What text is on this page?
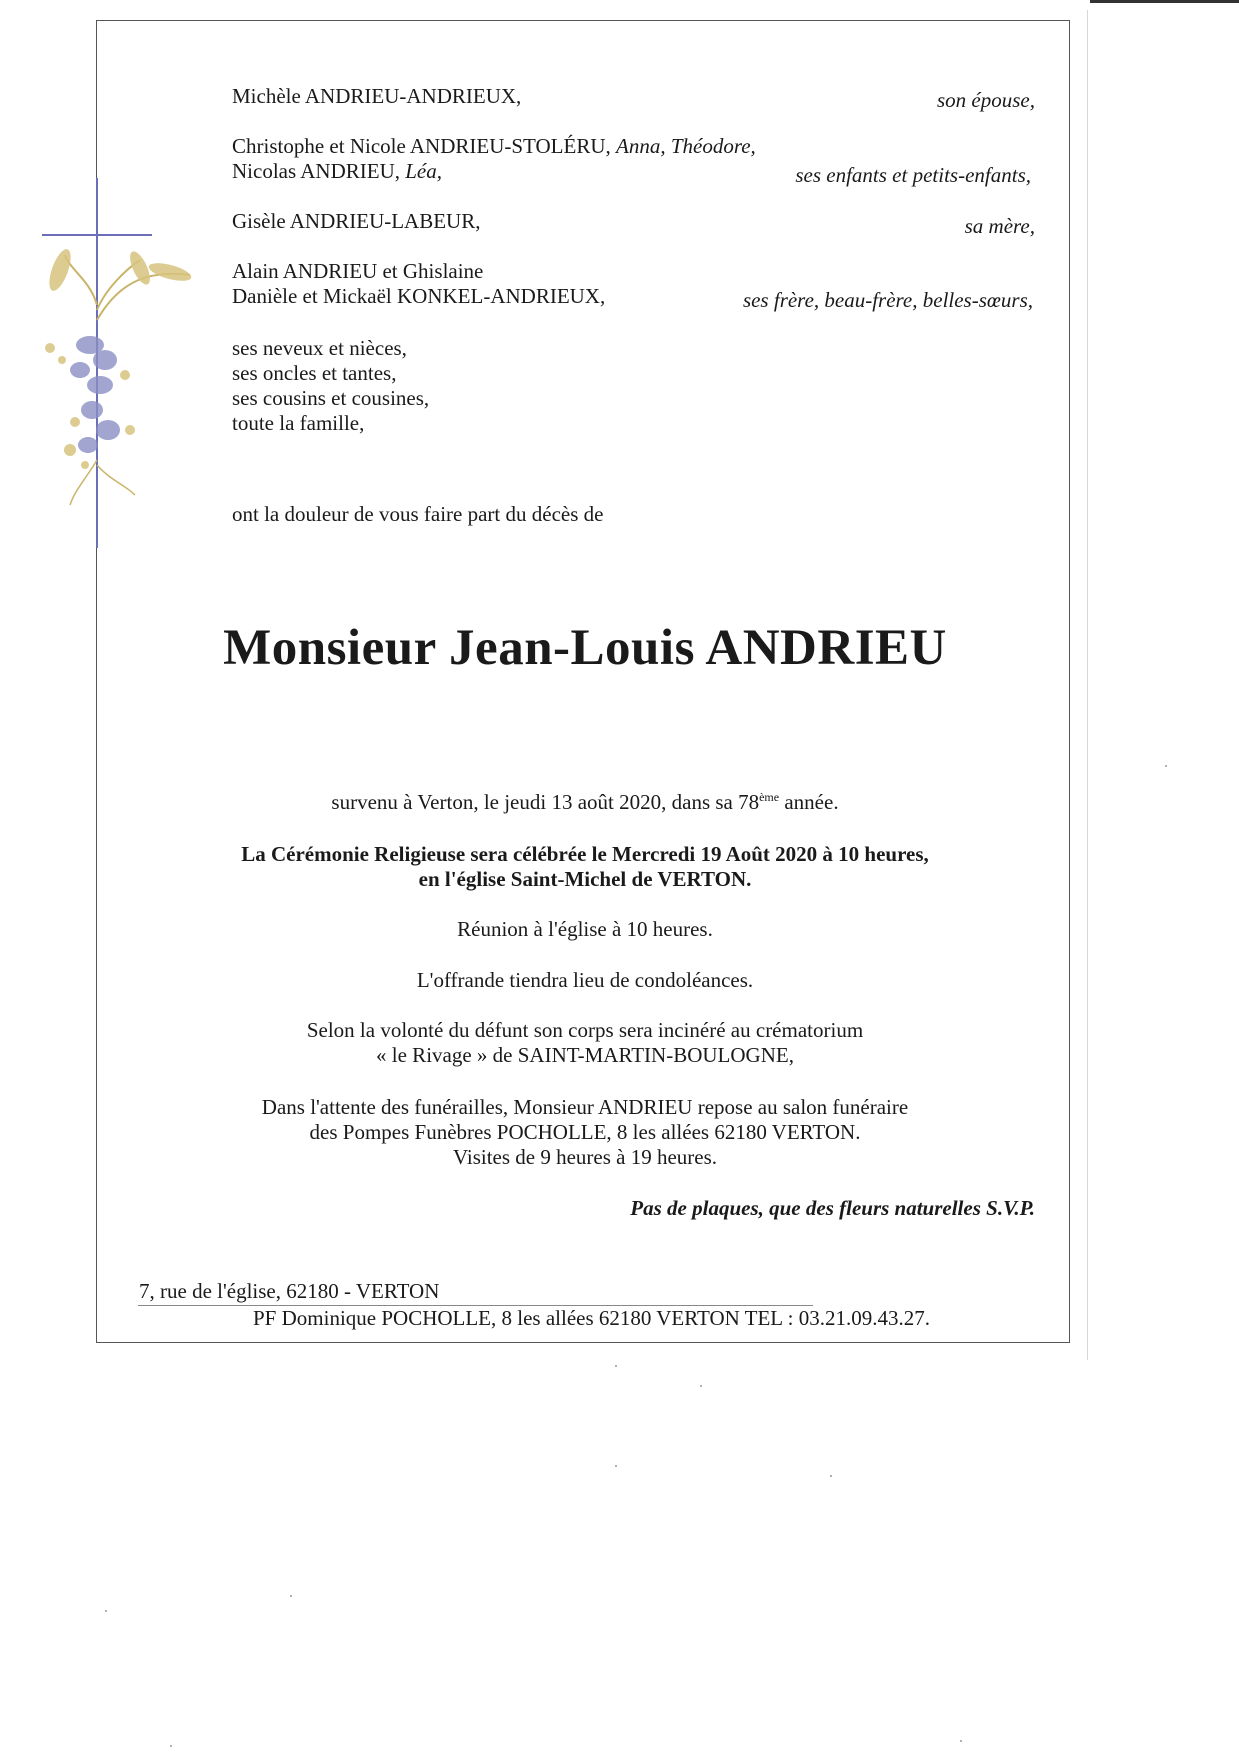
Michèle ANDRIEU-ANDRIEUX,	son épouse,
Christophe et Nicole ANDRIEU-STOLÉRU, Anna, Théodore,
Nicolas ANDRIEU, Léa,	ses enfants et petits-enfants,
Gisèle ANDRIEU-LABEUR,	sa mère,
Alain ANDRIEU et Ghislaine
Danièle et Mickaël KONKEL-ANDRIEUX,	ses frère, beau-frère, belles-sœurs,
ses neveux et nièces,
ses oncles et tantes,
ses cousins et cousines,
toute la famille,
ont la douleur de vous faire part du décès de
Monsieur Jean-Louis ANDRIEU
survenu à Verton, le jeudi 13 août 2020, dans sa 78ème année.
La Cérémonie Religieuse sera célébrée le Mercredi 19 Août 2020 à 10 heures,
en l'église Saint-Michel de VERTON.
Réunion à l'église à 10 heures.
L'offrande tiendra lieu de condoléances.
Selon la volonté du défunt son corps sera incinéré au crématorium
« le Rivage » de SAINT-MARTIN-BOULOGNE,
Dans l'attente des funérailles, Monsieur ANDRIEU repose au salon funéraire
des Pompes Funèbres POCHOLLE, 8 les allées 62180 VERTON.
Visites de 9 heures à 19 heures.
Pas de plaques, que des fleurs naturelles S.V.P.
7, rue de l'église, 62180 - VERTON
PF Dominique POCHOLLE, 8 les allées 62180 VERTON TEL : 03.21.09.43.27.
